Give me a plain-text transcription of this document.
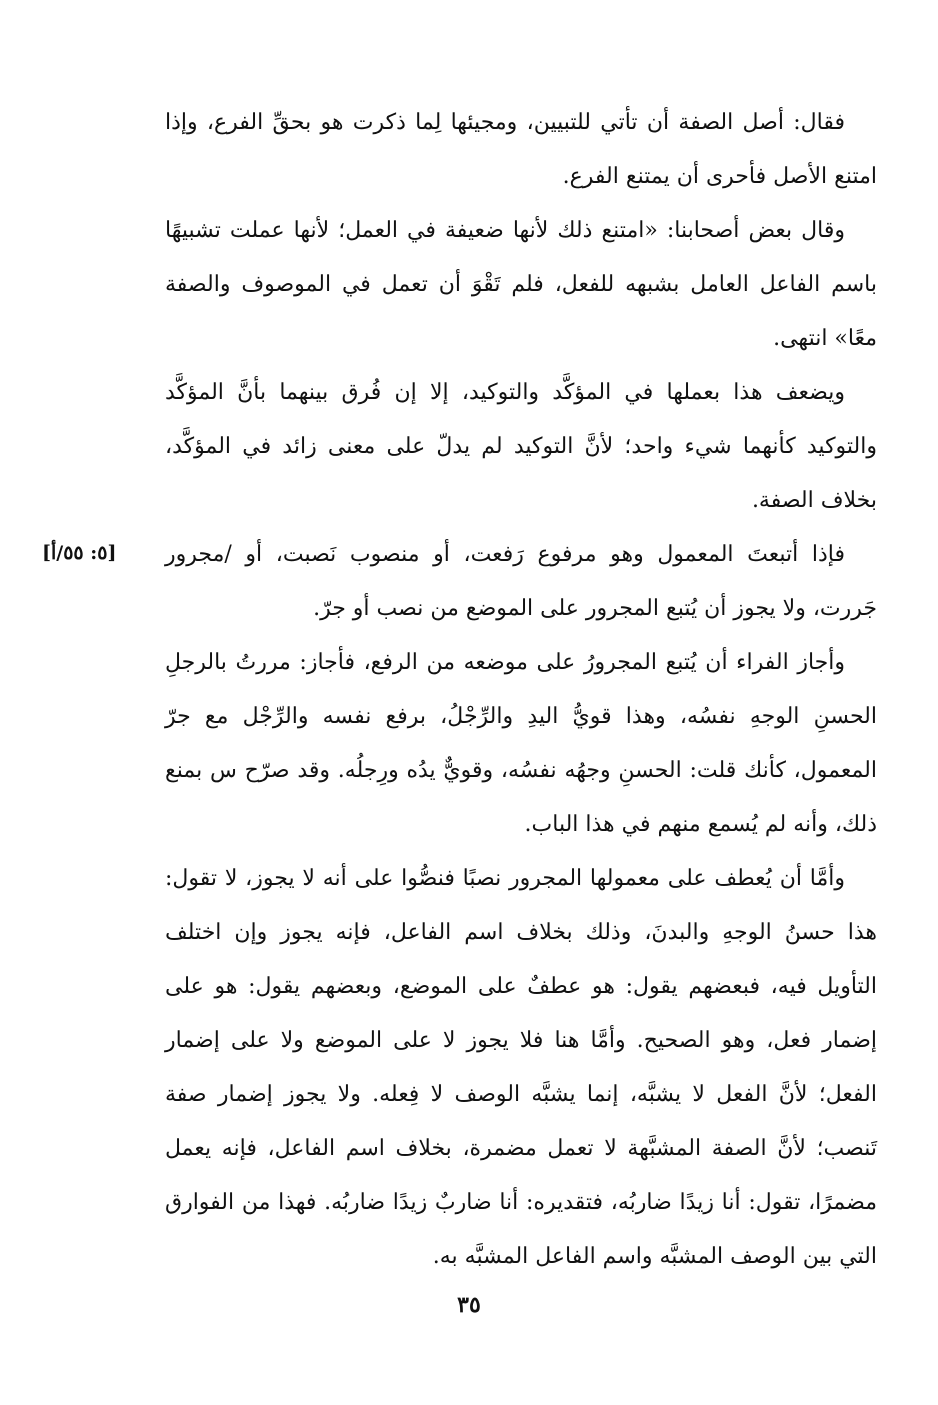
فقال: أصل الصفة أن تأتي للتبيين، ومجيئها لِما ذكرت هو بحقِّ الفرع، وإذا امتنع الأصل فأحرى أن يمتنع الفرع.

وقال بعض أصحابنا: «امتنع ذلك لأنها ضعيفة في العمل؛ لأنها عملت تشبيهًا باسم الفاعل العامل بشبهه للفعل، فلم تَقْوَ أن تعمل في الموصوف والصفة معًا» انتهى.

ويضعف هذا بعملها في المؤكَّد والتوكيد، إلا إن فُرق بينهما بأنَّ المؤكَّد والتوكيد كأنهما شيء واحد؛ لأنَّ التوكيد لم يدلّ على معنى زائد في المؤكَّد، بخلاف الصفة.

فإذا أتبعتَ المعمول وهو مرفوع رَفعت، أو منصوب نَصبت، أو /مجرور جَررت، ولا يجوز أن يُتبع المجرور على الموضع من نصب أو جرّ.

وأجاز الفراء أن يُتبع المجرورُ على موضعه من الرفع، فأجاز: مررتُ بالرجلِ الحسنِ الوجهِ نفسُه، وهذا قويُّ اليدِ والرِّجْلُ، برفع نفسه والرِّجْل مع جرّ المعمول، كأنك قلت: الحسنِ وجهُه نفسُه، وقويٌّ يدُه ورِجلُه. وقد صرّح س بمنع ذلك، وأنه لم يُسمع منهم في هذا الباب.

وأمَّا أن يُعطف على معمولها المجرور نصبًا فنصُّوا على أنه لا يجوز، لا تقول: هذا حسنُ الوجهِ والبدنَ، وذلك بخلاف اسم الفاعل، فإنه يجوز وإن اختلف التأويل فيه، فبعضهم يقول: هو عطفٌ على الموضع، وبعضهم يقول: هو على إضمار فعل، وهو الصحيح. وأمَّا هنا فلا يجوز لا على الموضع ولا على إضمار الفعل؛ لأنَّ الفعل لا يشبَّه، إنما يشبَّه الوصف لا فِعله. ولا يجوز إضمار صفة تَنصب؛ لأنَّ الصفة المشبَّهة لا تعمل مضمرة، بخلاف اسم الفاعل، فإنه يعمل مضمرًا، تقول: أنا زيدًا ضاربُه، فتقديره: أنا ضاربٌ زيدًا ضاربُه. فهذا من الفوارق التي بين الوصف المشبَّه واسم الفاعل المشبَّه به.

[٥: ٥٥/أ]
٣٥
